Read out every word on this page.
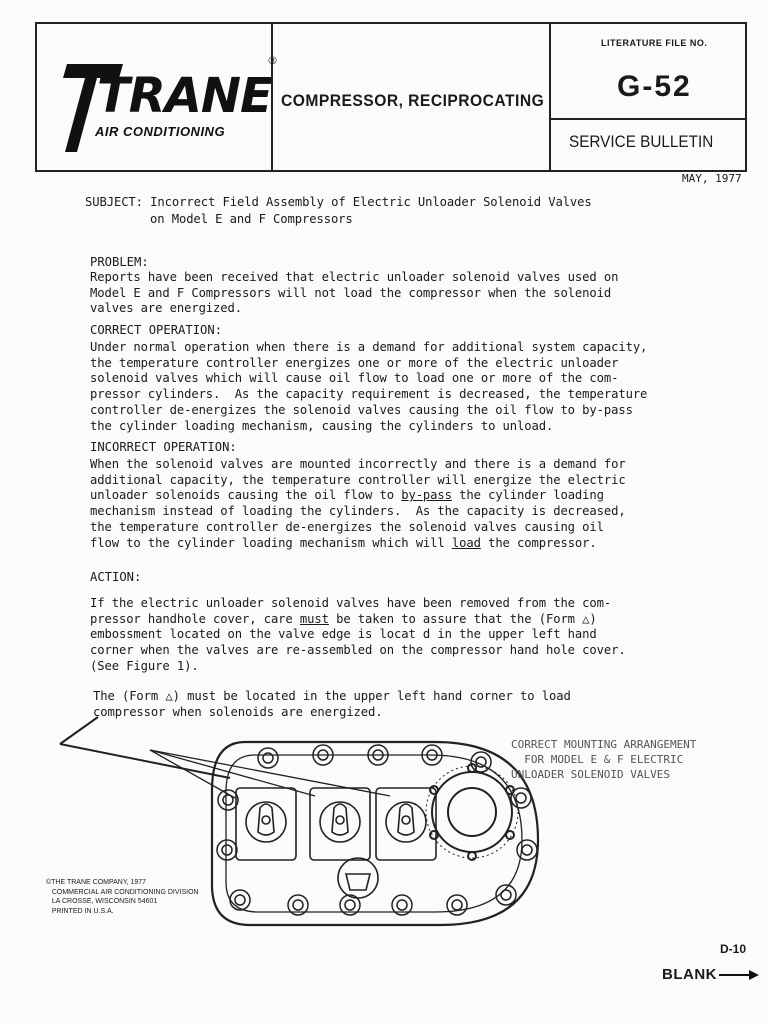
TRANE
®
AIR CONDITIONING
COMPRESSOR, RECIPROCATING
LITERATURE FILE NO.
G-52
SERVICE BULLETIN
MAY, 1977
SUBJECT: Incorrect Field Assembly of Electric Unloader Solenoid Valves
on Model E and F Compressors
PROBLEM:
Reports have been received that electric unloader solenoid valves used on
Model E and F Compressors will not load the compressor when the solenoid
valves are energized.
CORRECT OPERATION:
Under normal operation when there is a demand for additional system capacity,
the temperature controller energizes one or more of the electric unloader
solenoid valves which will cause oil flow to load one or more of the com-
pressor cylinders.  As the capacity requirement is decreased, the temperature
controller de-energizes the solenoid valves causing the oil flow to by-pass
the cylinder loading mechanism, causing the cylinders to unload.
INCORRECT OPERATION:
When the solenoid valves are mounted incorrectly and there is a demand for
additional capacity, the temperature controller will energize the electric
unloader solenoids causing the oil flow to by-pass the cylinder loading
mechanism instead of loading the cylinders.  As the capacity is decreased,
the temperature controller de-energizes the solenoid valves causing oil
flow to the cylinder loading mechanism which will load the compressor.
ACTION:
If the electric unloader solenoid valves have been removed from the com-
pressor handhole cover, care must be taken to assure that the (Form △)
embossment located on the valve edge is locat d in the upper left hand
corner when the valves are re-assembled on the compressor hand hole cover.
(See Figure 1).
The (Form △) must be located in the upper left hand corner to load
compressor when solenoids are energized.
CORRECT MOUNTING ARRANGEMENT
FOR MODEL E & F ELECTRIC
UNLOADER SOLENOID VALVES
©THE TRANE COMPANY, 1977
COMMERCIAL AIR CONDITIONING DIVISION
LA CROSSE, WISCONSIN 54601
PRINTED IN U.S.A.
D-10
BLANK
